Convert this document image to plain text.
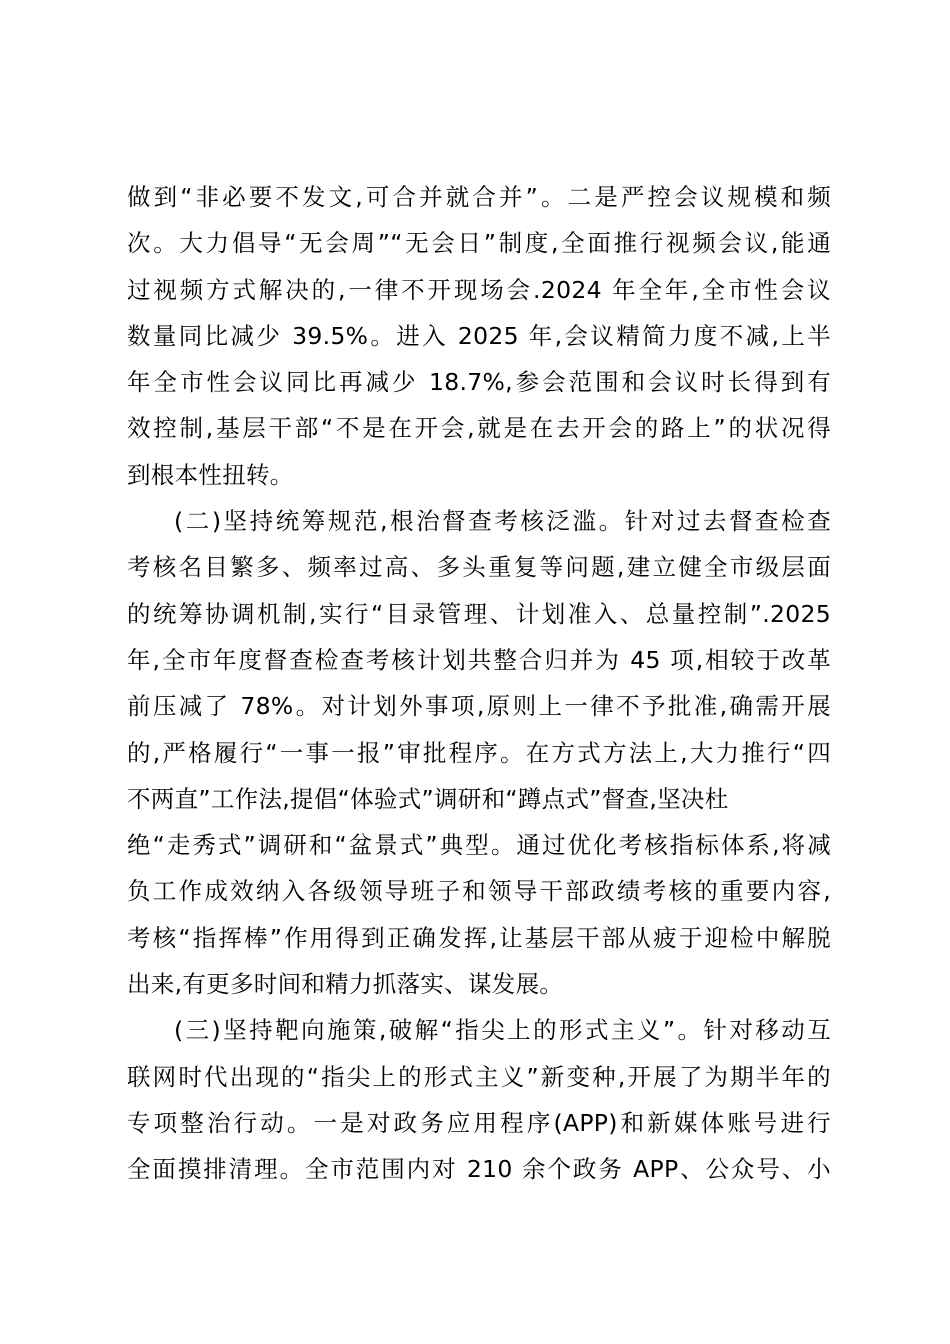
做到“非必要不发文,可合并就合并”。二是严控会议规模和频
次。大力倡导“无会周”“无会日”制度,全面推行视频会议,能通
过视频方式解决的,一律不开现场会.2024 年全年,全市性会议
数量同比减少 39.5%。进入 2025 年,会议精简力度不减,上半
年全市性会议同比再减少 18.7%,参会范围和会议时长得到有
效控制,基层干部“不是在开会,就是在去开会的路上”的状况得
到根本性扭转。
(二)坚持统筹规范,根治督查考核泛滥。针对过去督查检查
考核名目繁多、频率过高、多头重复等问题,建立健全市级层面
的统筹协调机制,实行“目录管理、计划准入、总量控制”.2025
年,全市年度督查检查考核计划共整合归并为 45 项,相较于改革
前压减了 78%。对计划外事项,原则上一律不予批准,确需开展
的,严格履行“一事一报”审批程序。在方式方法上,大力推行“四
不两直”工作法,提倡“体验式”调研和“蹲点式”督查,坚决杜
绝“走秀式”调研和“盆景式”典型。通过优化考核指标体系,将减
负工作成效纳入各级领导班子和领导干部政绩考核的重要内容,
考核“指挥棒”作用得到正确发挥,让基层干部从疲于迎检中解脱
出来,有更多时间和精力抓落实、谋发展。
(三)坚持靶向施策,破解“指尖上的形式主义”。针对移动互
联网时代出现的“指尖上的形式主义”新变种,开展了为期半年的
专项整治行动。一是对政务应用程序(APP)和新媒体账号进行
全面摸排清理。全市范围内对 210 余个政务 APP、公众号、小
